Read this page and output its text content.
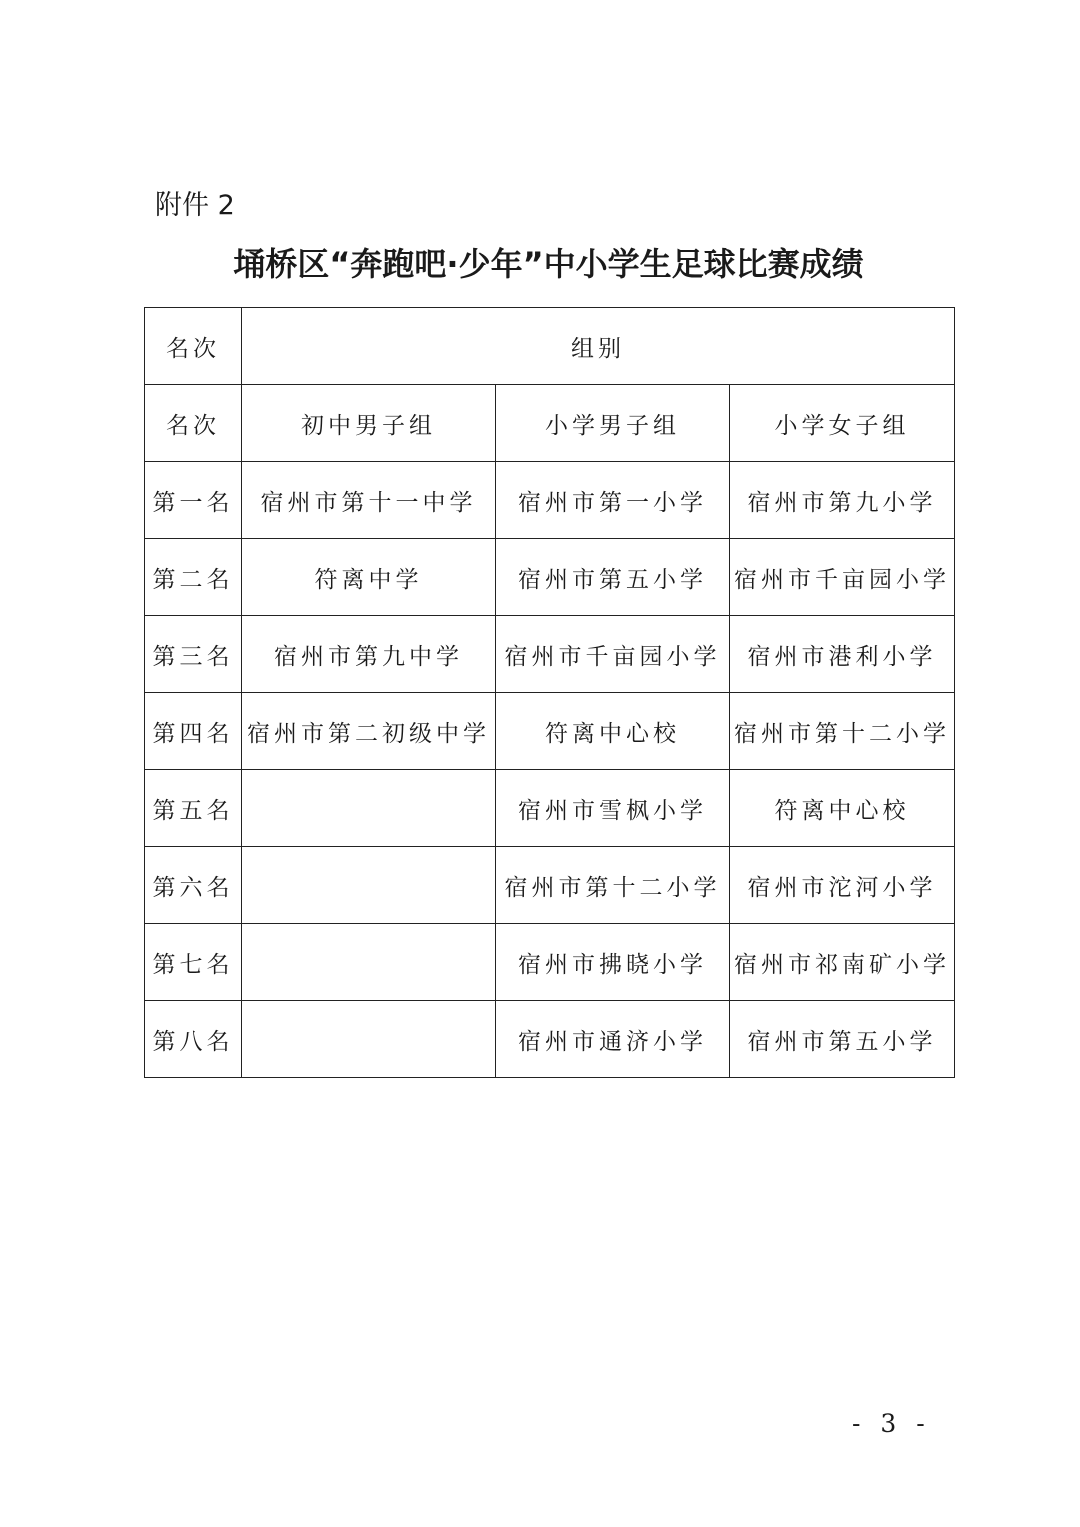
附件 2
埇桥区“奔跑吧·少年”中小学生足球比赛成绩
名次	组别		
名次	初中男子组	小学男子组	小学女子组
第一名	宿州市第十一中学	宿州市第一小学	宿州市第九小学
第二名	符离中学	宿州市第五小学	宿州市千亩园小学
第三名	宿州市第九中学	宿州市千亩园小学	宿州市港利小学
第四名	宿州市第二初级中学	符离中心校	宿州市第十二小学
第五名		宿州市雪枫小学	符离中心校
第六名		宿州市第十二小学	宿州市沱河小学
第七名		宿州市拂晓小学	宿州市祁南矿小学
第八名		宿州市通济小学	宿州市第五小学
- 3 -
